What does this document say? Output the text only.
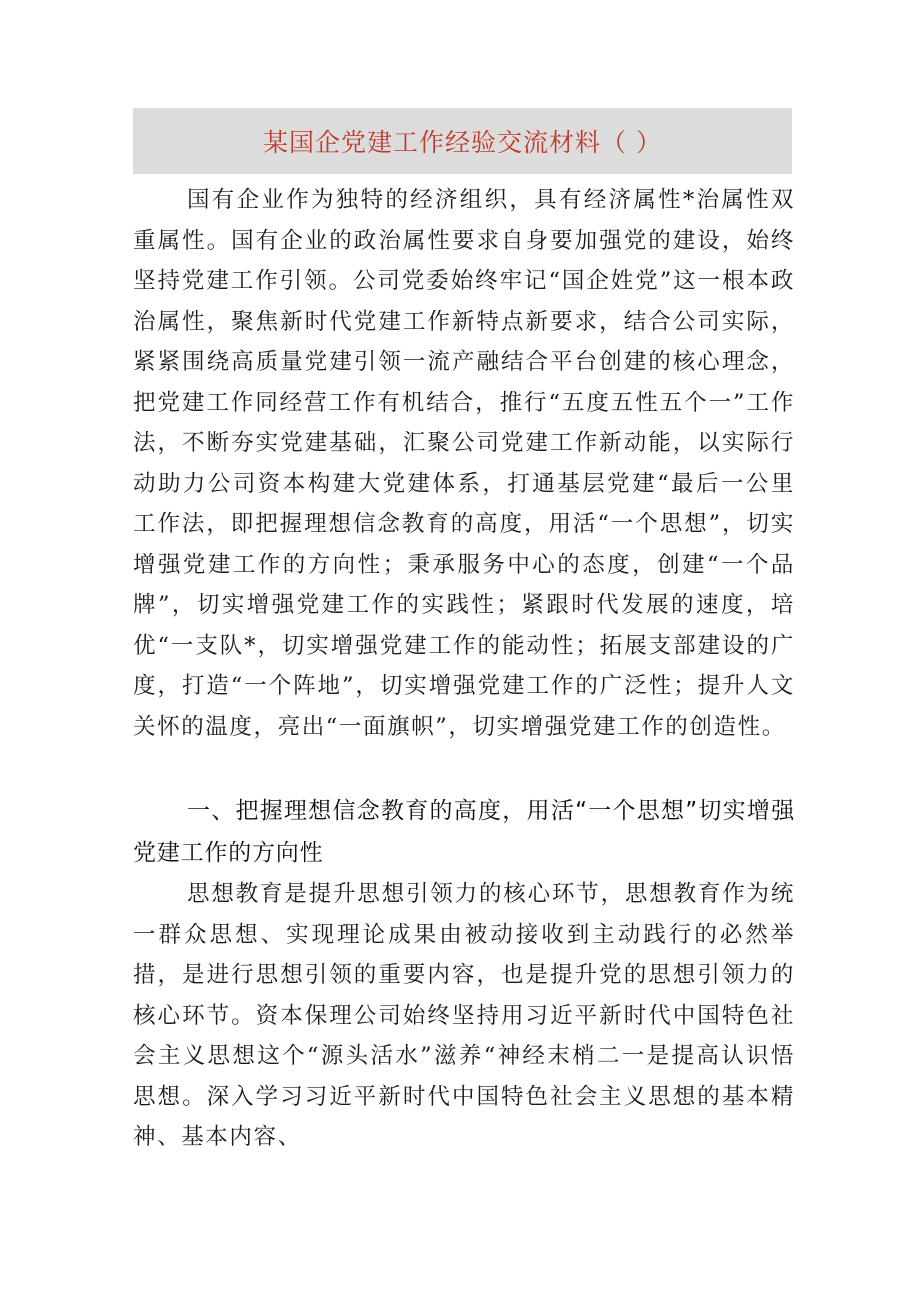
某国企党建工作经验交流材料（ ）

国有企业作为独特的经济组织，具有经济属性*治属性双重属性。国有企业的政治属性要求自身要加强党的建设，始终坚持党建工作引领。公司党委始终牢记“国企姓党”这一根本政治属性，聚焦新时代党建工作新特点新要求，结合公司实际，紧紧围绕高质量党建引领一流产融结合平台创建的核心理念，把党建工作同经营工作有机结合，推行“五度五性五个一”工作法，不断夯实党建基础，汇聚公司党建工作新动能，以实际行动助力公司资本构建大党建体系，打通基层党建“最后一公里工作法，即把握理想信念教育的高度，用活“一个思想”，切实增强党建工作的方向性；秉承服务中心的态度，创建“一个品牌”，切实增强党建工作的实践性；紧跟时代发展的速度，培优“一支队*，切实增强党建工作的能动性；拓展支部建设的广度，打造“一个阵地”，切实增强党建工作的广泛性；提升人文关怀的温度，亮出“一面旗帜”，切实增强党建工作的创造性。

一、把握理想信念教育的高度，用活“一个思想”切实增强党建工作的方向性

思想教育是提升思想引领力的核心环节，思想教育作为统一群众思想、实现理论成果由被动接收到主动践行的必然举措，是进行思想引领的重要内容，也是提升党的思想引领力的核心环节。资本保理公司始终坚持用习近平新时代中国特色社会主义思想这个“源头活水”滋养“神经末梢二一是提高认识悟思想。深入学习习近平新时代中国特色社会主义思想的基本精神、基本内容、
